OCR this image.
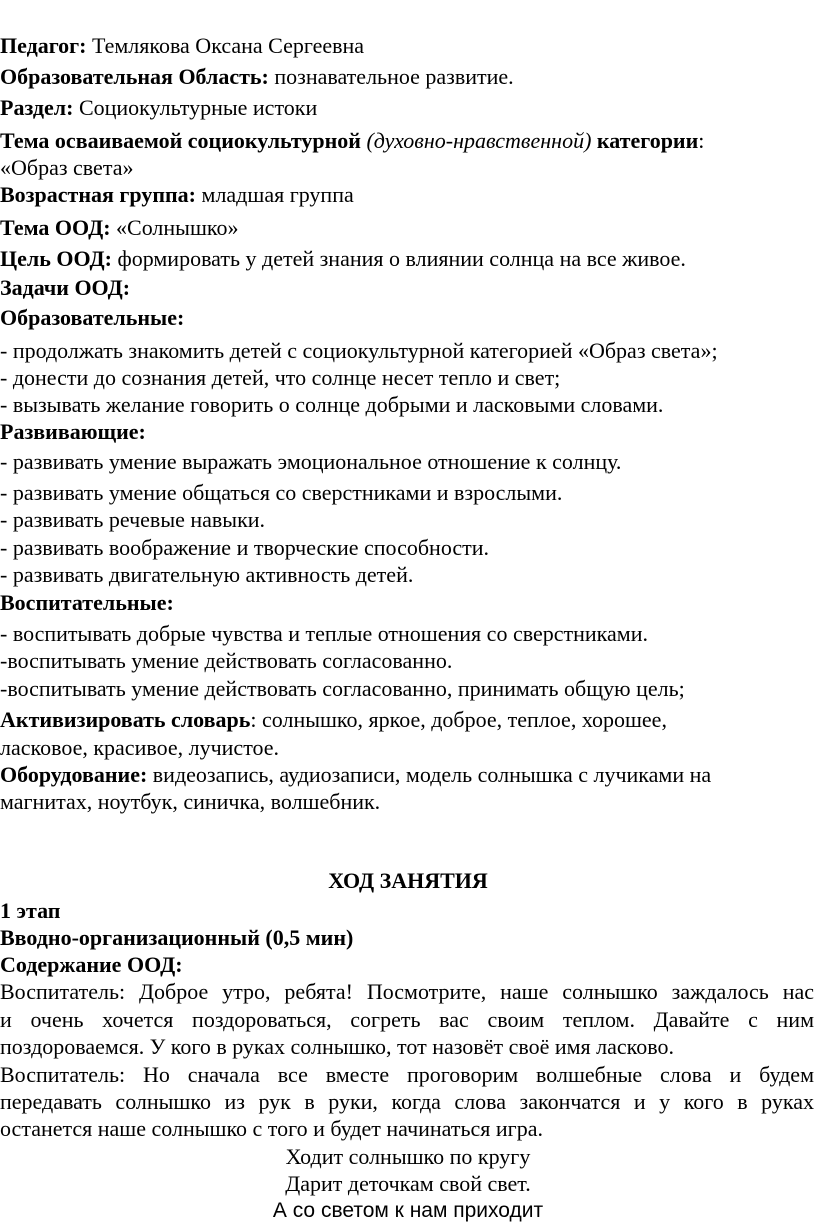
Педагог: Темлякова Оксана Сергеевна
Образовательная Область: познавательное развитие.
Раздел: Социокультурные истоки
Тема осваиваемой социокультурной (духовно-нравственной) категории:
«Образ света»
Возрастная группа: младшая группа
Тема ООД: «Солнышко»
Цель ООД: формировать у детей знания о влиянии солнца на все живое.
Задачи ООД:
Образовательные:
- продолжать знакомить детей с социокультурной категорией «Образ света»;
- донести до сознания детей, что солнце несет тепло и свет;
- вызывать желание говорить о солнце добрыми и ласковыми словами.
Развивающие:
- развивать умение выражать эмоциональное отношение к солнцу.
- развивать умение общаться со сверстниками и взрослыми.
- развивать речевые навыки.
- развивать воображение и творческие способности.
- развивать двигательную активность детей.
Воспитательные:
- воспитывать добрые чувства и теплые отношения со сверстниками.
-воспитывать умение действовать согласованно.
-воспитывать умение действовать согласованно, принимать общую цель;
Активизировать словарь: солнышко, яркое, доброе, теплое, хорошее,
ласковое, красивое, лучистое.
Оборудование: видеозапись, аудиозаписи, модель солнышка с лучиками на
магнитах, ноутбук, синичка, волшебник.
ХОД ЗАНЯТИЯ
1 этап
Вводно-организационный (0,5 мин)
Содержание ООД:
Воспитатель: Доброе утро, ребята! Посмотрите, наше солнышко заждалось нас
и очень хочется поздороваться, согреть вас своим теплом. Давайте с ним
поздороваемся. У кого в руках солнышко, тот назовёт своё имя ласково.
Воспитатель: Но сначала все вместе проговорим волшебные слова и будем
передавать солнышко из рук в руки, когда слова закончатся и у кого в руках
останется наше солнышко с того и будет начинаться игра.
Ходит солнышко по кругу
Дарит деточкам свой свет.
А со светом к нам приходит
